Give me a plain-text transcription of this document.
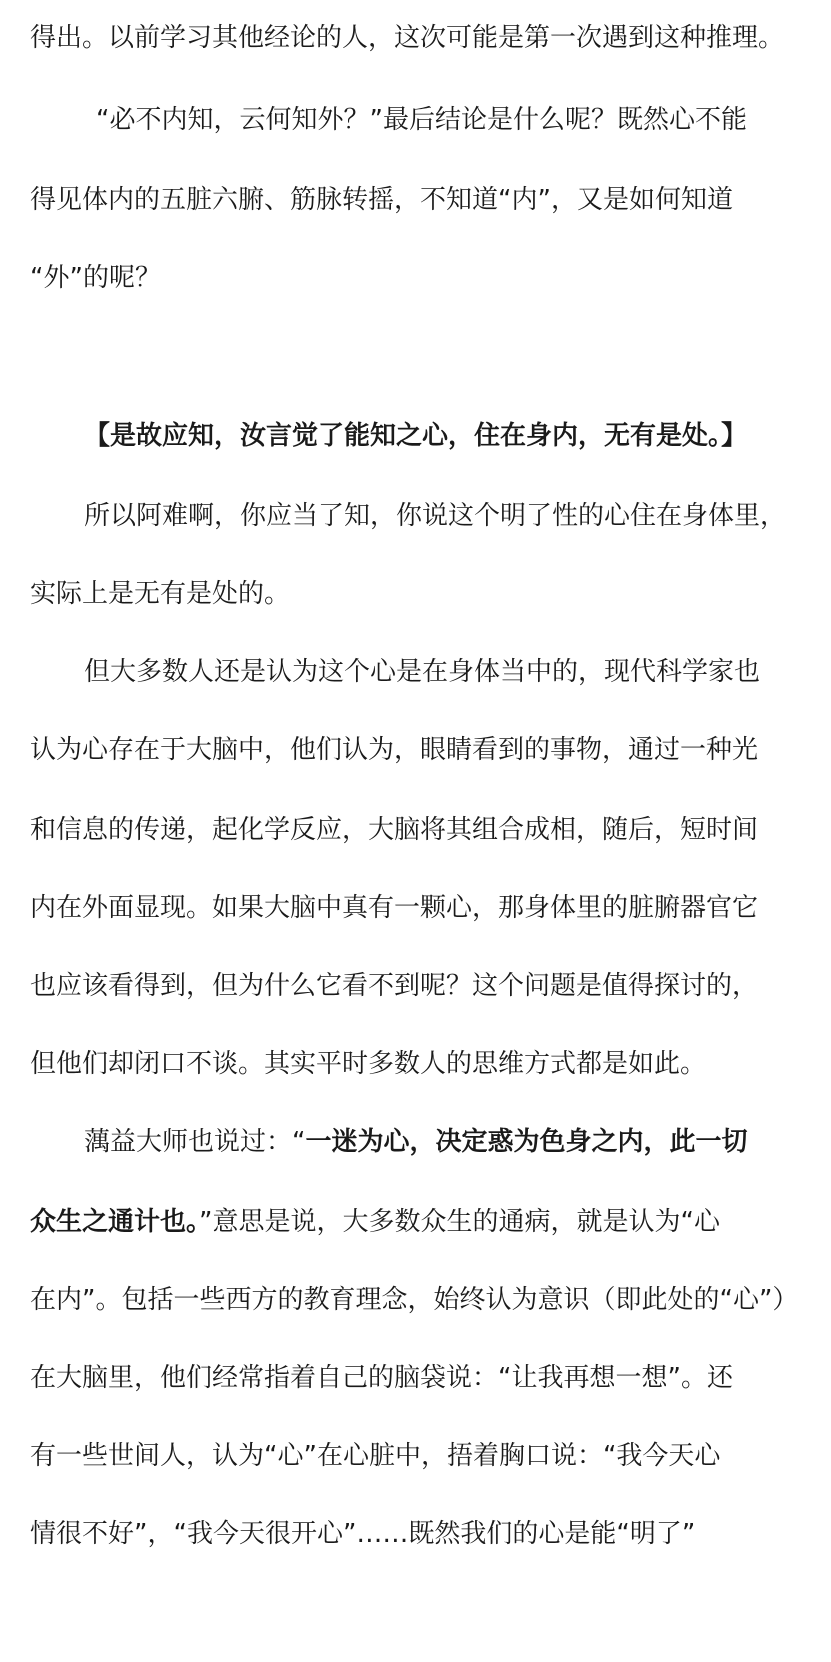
得出。以前学习其他经论的人，这次可能是第一次遇到这种推理。
“必不内知，云何知外？”最后结论是什么呢？既然心不能
得见体内的五脏六腑、筋脉转摇，不知道“内”，又是如何知道
“外”的呢？
【是故应知，汝言觉了能知之心，住在身内，无有是处。】
所以阿难啊，你应当了知，你说这个明了性的心住在身体里，
实际上是无有是处的。
但大多数人还是认为这个心是在身体当中的，现代科学家也
认为心存在于大脑中，他们认为，眼睛看到的事物，通过一种光
和信息的传递，起化学反应，大脑将其组合成相，随后，短时间
内在外面显现。如果大脑中真有一颗心，那身体里的脏腑器官它
也应该看得到，但为什么它看不到呢？这个问题是值得探讨的，
但他们却闭口不谈。其实平时多数人的思维方式都是如此。
蕅益大师也说过：“一迷为心，决定惑为色身之内，此一切
众生之通计也。”意思是说，大多数众生的通病，就是认为“心
在内”。包括一些西方的教育理念，始终认为意识（即此处的“心”）
在大脑里，他们经常指着自己的脑袋说：“让我再想一想”。还
有一些世间人，认为“心”在心脏中，捂着胸口说：“我今天心
情很不好”，“我今天很开心”……既然我们的心是能“明了”
